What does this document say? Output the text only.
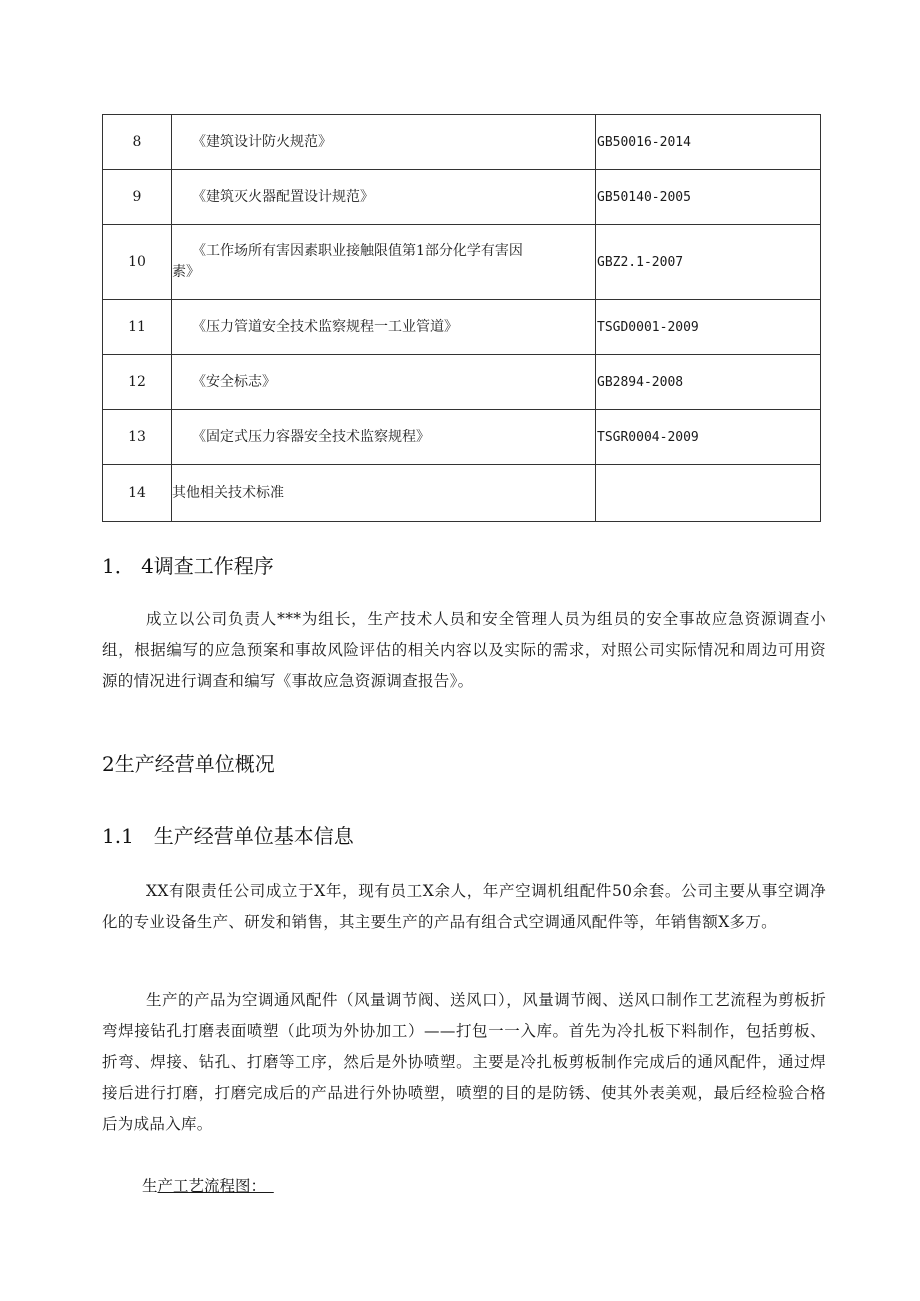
8	《建筑设计防火规范》	GB50016-2014
9	《建筑灭火器配置设计规范》	GB50140-2005
10	《工作场所有害因素职业接触限值第1部分化学有害因
素》	GBZ2.1-2007
11	《压力管道安全技术监察规程一工业管道》	TSGD0001-2009
12	《安全标志》	GB2894-2008
13	《固定式压力容器安全技术监察规程》	TSGR0004-2009
14	其他相关技术标准	
1． 4调查工作程序

成立以公司负责人***为组长，生产技术人员和安全管理人员为组员的安全事故应急资源调查小组，根据编写的应急预案和事故风险评估的相关内容以及实际的需求，对照公司实际情况和周边可用资源的情况进行调查和编写《事故应急资源调查报告》。

2生产经营单位概况
1.1　生产经营单位基本信息

XX有限责任公司成立于X年，现有员工X余人，年产空调机组配件50余套。公司主要从事空调净化的专业设备生产、研发和销售，其主要生产的产品有组合式空调通风配件等，年销售额X多万。

生产的产品为空调通风配件（风量调节阀、送风口），风量调节阀、送风口制作工艺流程为剪板折弯焊接钻孔打磨表面喷塑（此项为外协加工）——打包一一入库。首先为冷扎板下料制作，包括剪板、折弯、焊接、钻孔、打磨等工序，然后是外协喷塑。主要是冷扎板剪板制作完成后的通风配件，通过焊接后进行打磨，打磨完成后的产品进行外协喷塑，喷塑的目的是防锈、使其外表美观，最后经检验合格后为成品入库。

生产工艺流程图：　
